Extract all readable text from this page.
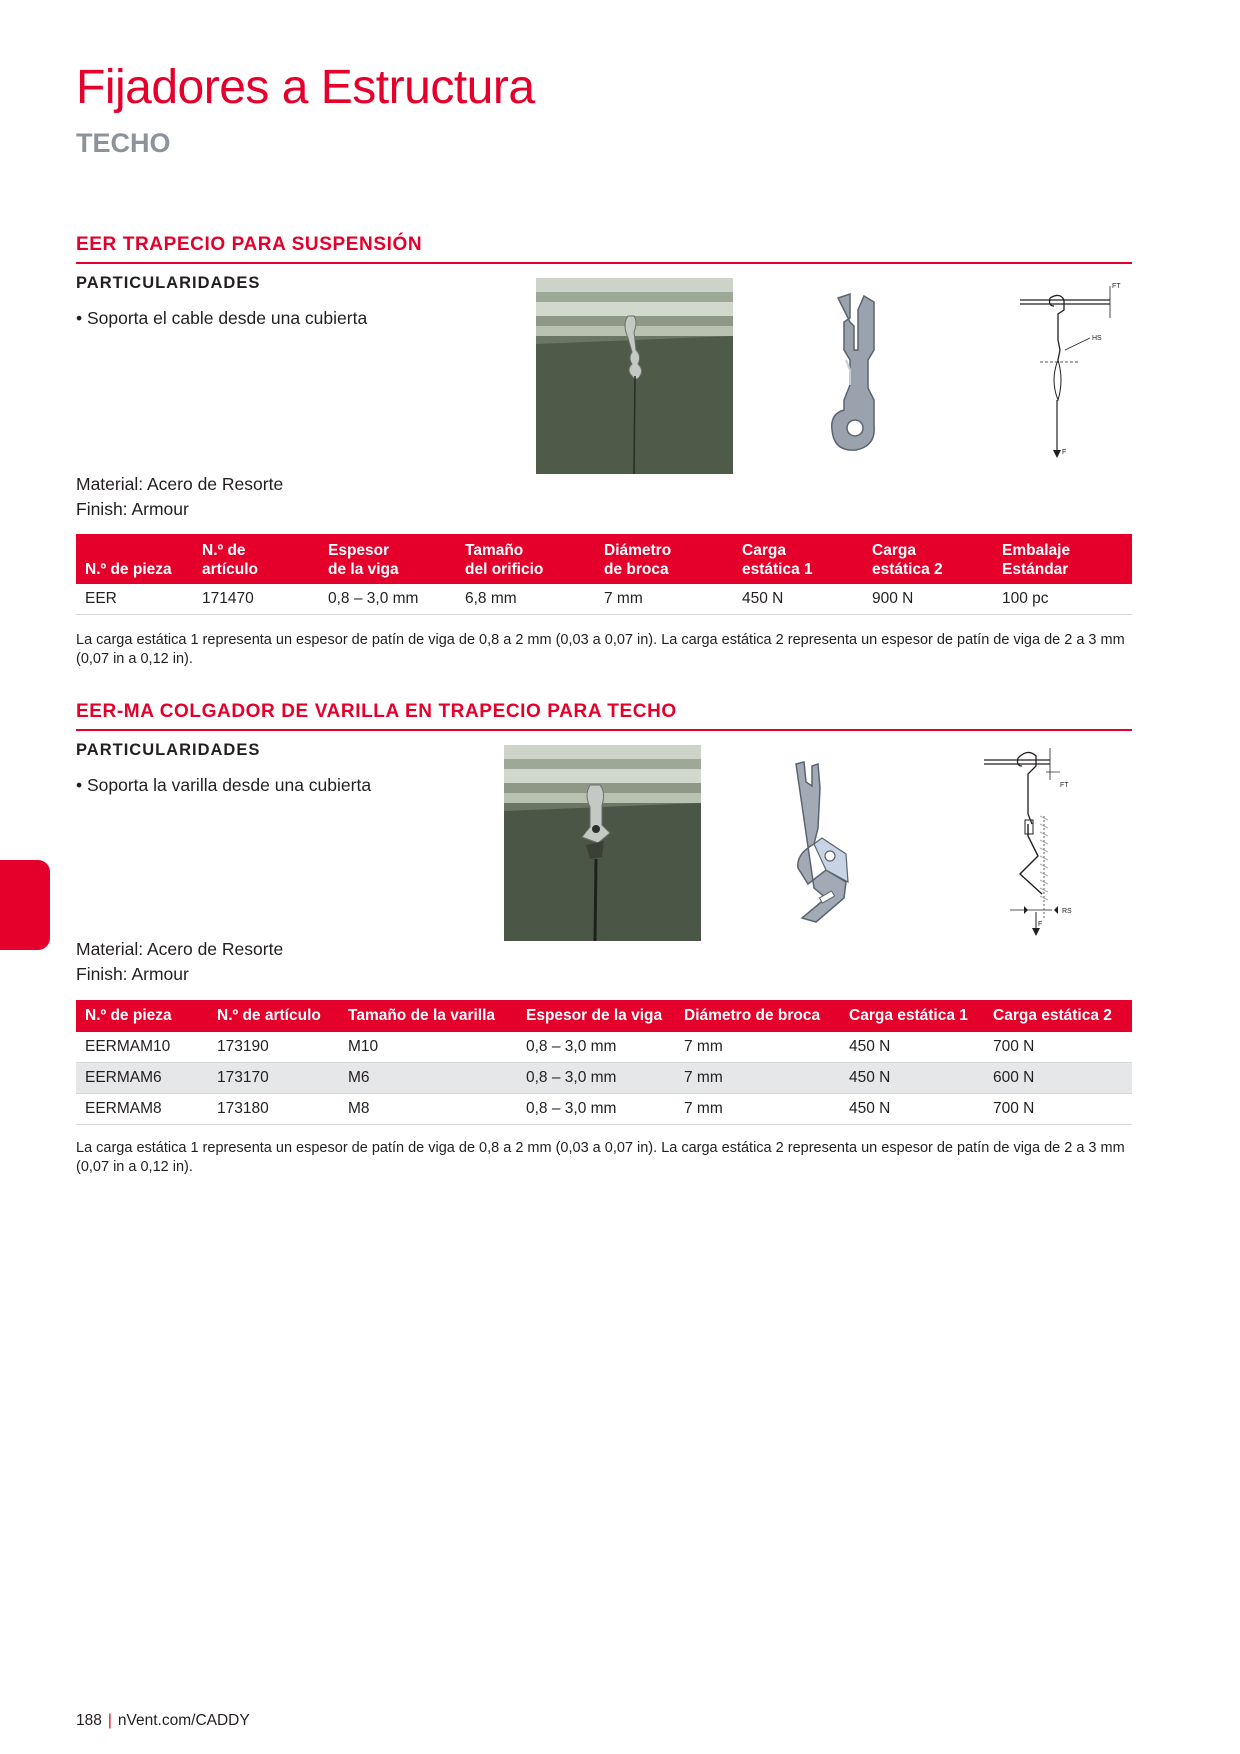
Fijadores a Estructura
TECHO
EER TRAPECIO PARA SUSPENSIÓN
PARTICULARIDADES
• Soporta el cable desde una cubierta
FT
HS
F
Material: Acero de Resorte
Finish: Armour
	N.º de	Espesor	Tamaño	Diámetro	Carga	Carga	Embalaje
N.º de pieza	artículo	de la viga	del orificio	de broca	estática 1	estática 2	Estándar
EER	171470	0,8 – 3,0 mm	6,8 mm	7 mm	450 N	900 N	100 pc
La carga estática 1 representa un espesor de patín de viga de 0,8 a 2 mm (0,03 a 0,07 in). La carga estática 2 representa un espesor de patín de viga de 2 a 3 mm (0,07 in a 0,12 in).
EER-MA COLGADOR DE VARILLA EN TRAPECIO PARA TECHO
PARTICULARIDADES
• Soporta la varilla desde una cubierta	FT
RS
F
Material: Acero de Resorte
Finish: Armour
N.º de pieza	N.º de artículo	Tamaño de la varilla	Espesor de la viga	Diámetro de broca	Carga estática 1	Carga estática 2
EERMAM10	173190	M10	0,8 – 3,0 mm	7 mm	450 N	700 N
EERMAM6	173170	M6	0,8 – 3,0 mm	7 mm	450 N	600 N
EERMAM8	173180	M8	0,8 – 3,0 mm	7 mm	450 N	700 N
La carga estática 1 representa un espesor de patín de viga de 0,8 a 2 mm (0,03 a 0,07 in). La carga estática 2 representa un espesor de patín de viga de 2 a 3 mm (0,07 in a 0,12 in).
188 | nVent.com/CADDY
